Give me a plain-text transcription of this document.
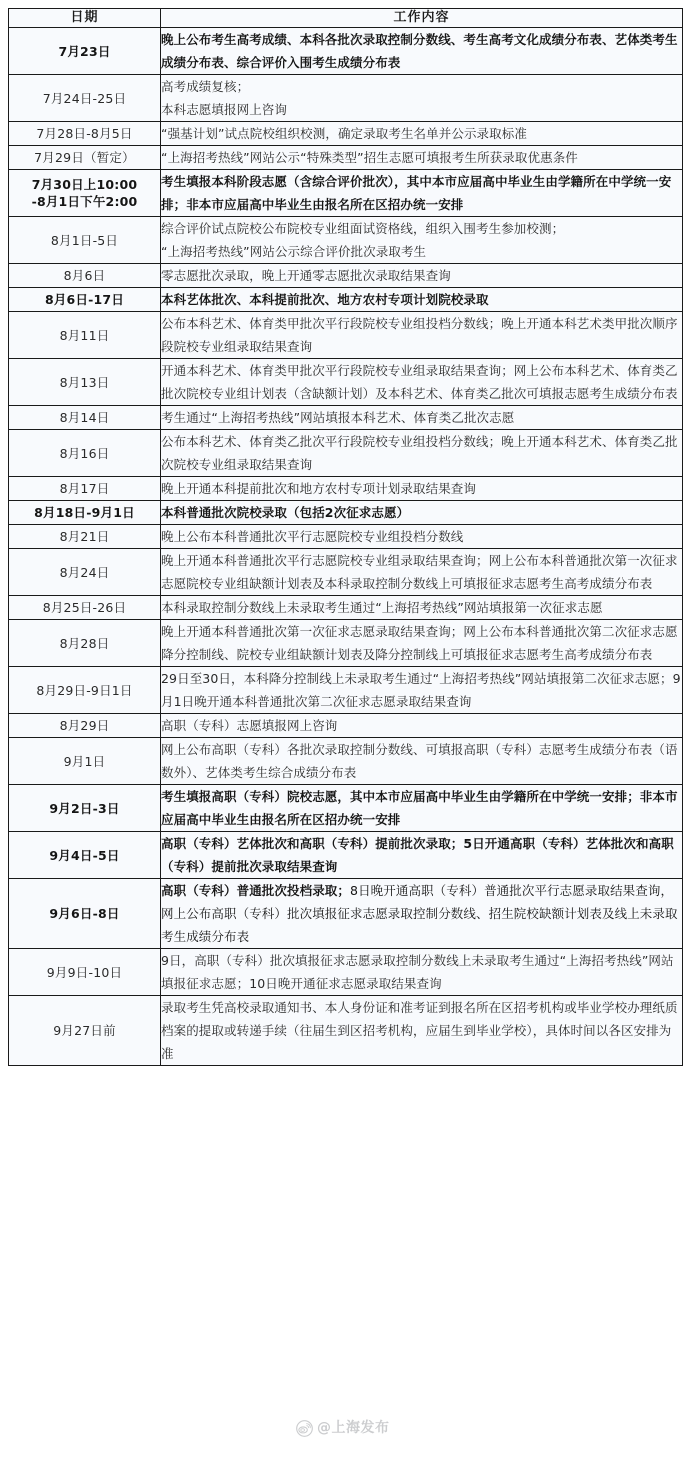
日期	工作内容
7月23日	晚上公布考生高考成绩、本科各批次录取控制分数线、考生高考文化成绩分布表、艺体类考生成绩分布表、综合评价入围考生成绩分布表
7月24日-25日	高考成绩复核；
本科志愿填报网上咨询
7月28日-8月5日	“强基计划”试点院校组织校测，确定录取考生名单并公示录取标准
7月29日（暂定）	“上海招考热线”网站公示“特殊类型”招生志愿可填报考生所获录取优惠条件
7月30日上10:00
-8月1日下午2:00	考生填报本科阶段志愿（含综合评价批次），其中本市应届高中毕业生由学籍所在中学统一安排；非本市应届高中毕业生由报名所在区招办统一安排
8月1日-5日	综合评价试点院校公布院校专业组面试资格线，组织入围考生参加校测；
“上海招考热线”网站公示综合评价批次录取考生
8月6日	零志愿批次录取，晚上开通零志愿批次录取结果查询
8月6日-17日	本科艺体批次、本科提前批次、地方农村专项计划院校录取
8月11日	公布本科艺术、体育类甲批次平行段院校专业组投档分数线；晚上开通本科艺术类甲批次顺序段院校专业组录取结果查询
8月13日	开通本科艺术、体育类甲批次平行段院校专业组录取结果查询；网上公布本科艺术、体育类乙批次院校专业组计划表（含缺额计划）及本科艺术、体育类乙批次可填报志愿考生成绩分布表
8月14日	考生通过“上海招考热线”网站填报本科艺术、体育类乙批次志愿
8月16日	公布本科艺术、体育类乙批次平行段院校专业组投档分数线；晚上开通本科艺术、体育类乙批次院校专业组录取结果查询
8月17日	晚上开通本科提前批次和地方农村专项计划录取结果查询
8月18日-9月1日	本科普通批次院校录取（包括2次征求志愿）
8月21日	晚上公布本科普通批次平行志愿院校专业组投档分数线
8月24日	晚上开通本科普通批次平行志愿院校专业组录取结果查询；网上公布本科普通批次第一次征求志愿院校专业组缺额计划表及本科录取控制分数线上可填报征求志愿考生高考成绩分布表
8月25日-26日	本科录取控制分数线上未录取考生通过“上海招考热线”网站填报第一次征求志愿
8月28日	晚上开通本科普通批次第一次征求志愿录取结果查询；网上公布本科普通批次第二次征求志愿降分控制线、院校专业组缺额计划表及降分控制线上可填报征求志愿考生高考成绩分布表
8月29日-9日1日	29日至30日，本科降分控制线上未录取考生通过“上海招考热线”网站填报第二次征求志愿；9月1日晚开通本科普通批次第二次征求志愿录取结果查询
8月29日	高职（专科）志愿填报网上咨询
9月1日	网上公布高职（专科）各批次录取控制分数线、可填报高职（专科）志愿考生成绩分布表（语数外）、艺体类考生综合成绩分布表
9月2日-3日	考生填报高职（专科）院校志愿，其中本市应届高中毕业生由学籍所在中学统一安排；非本市应届高中毕业生由报名所在区招办统一安排
9月4日-5日	高职（专科）艺体批次和高职（专科）提前批次录取；5日开通高职（专科）艺体批次和高职（专科）提前批次录取结果查询
9月6日-8日	高职（专科）普通批次投档录取；8日晚开通高职（专科）普通批次平行志愿录取结果查询，网上公布高职（专科）批次填报征求志愿录取控制分数线、招生院校缺额计划表及线上未录取考生成绩分布表
9月9日-10日	9日，高职（专科）批次填报征求志愿录取控制分数线上未录取考生通过“上海招考热线”网站填报征求志愿；10日晚开通征求志愿录取结果查询
9月27日前	录取考生凭高校录取通知书、本人身份证和准考证到报名所在区招考机构或毕业学校办理纸质档案的提取或转递手续（往届生到区招考机构，应届生到毕业学校），具体时间以各区安排为准
@上海发布
